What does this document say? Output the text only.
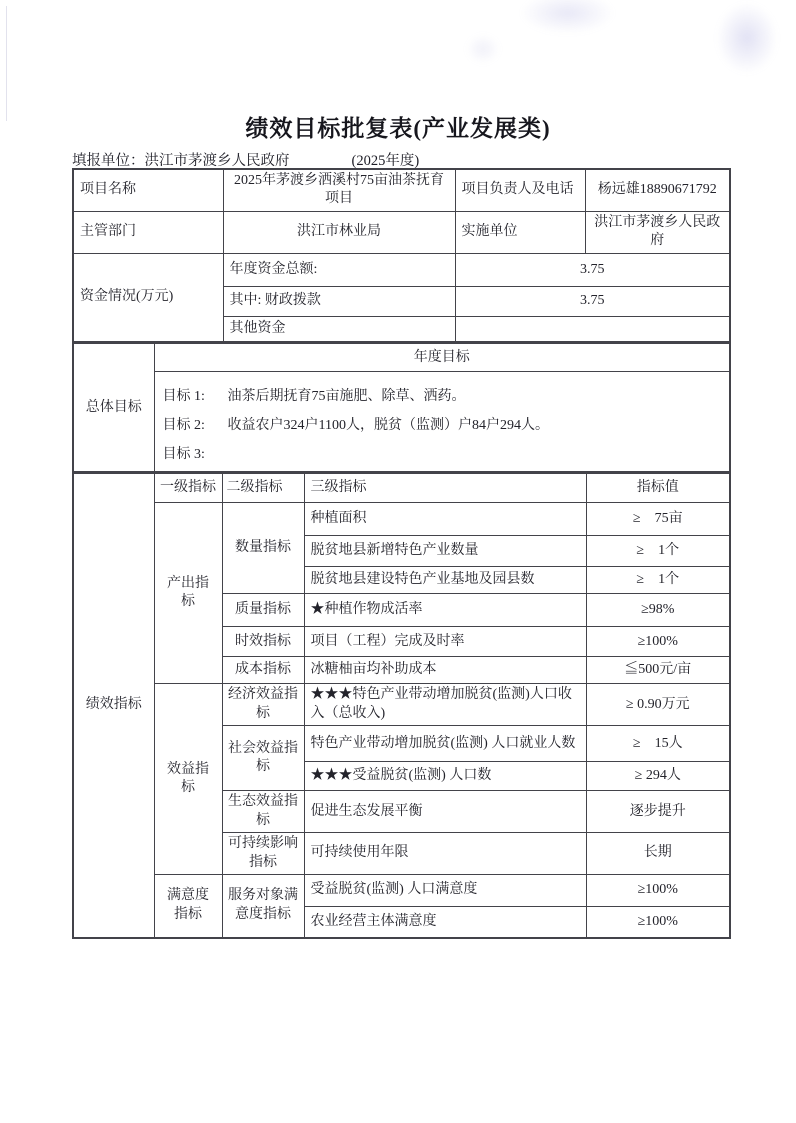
绩效目标批复表(产业发展类)
填报单位：洪江市茅渡乡人民政府	(2025年度)
项目名称	2025年茅渡乡洒溪村75亩油茶抚育项目	项目负责人及电话	杨远雄18890671792
主管部门	洪江市林业局	实施单位	洪江市茅渡乡人民政府
资金情况(万元)	年度资金总额:	3.75	
	其中: 财政拨款	3.75	
	其他资金		
总体目标	年度目标

目标 1:	油茶后期抚育75亩施肥、除草、洒药。
目标 2:	收益农户324户1100人，脱贫（监测）户84户294人。
目标 3:
绩效指标	一级指标	二级指标	三级指标	指标值
	产出指标	数量指标	种植面积	≥　75亩
			脱贫地县新增特色产业数量	≥　1个
			脱贫地县建设特色产业基地及园县数	≥　1个
		质量指标	★种植作物成活率	≥98%
		时效指标	项目（工程）完成及时率	≥100%
		成本指标	冰糖柚亩均补助成本	≦500元/亩
	效益指标	经济效益指标	★★★特色产业带动增加脱贫(监测)人口收入（总收入)	≥ 0.90万元
		社会效益指标	特色产业带动增加脱贫(监测) 人口就业人数	≥　15人
			★★★受益脱贫(监测) 人口数	≥ 294人
		生态效益指标	促进生态发展平衡	逐步提升
		可持续影响指标	可持续使用年限	长期
	满意度指标	服务对象满意度指标	受益脱贫(监测) 人口满意度	≥100%
			农业经营主体满意度	≥100%
